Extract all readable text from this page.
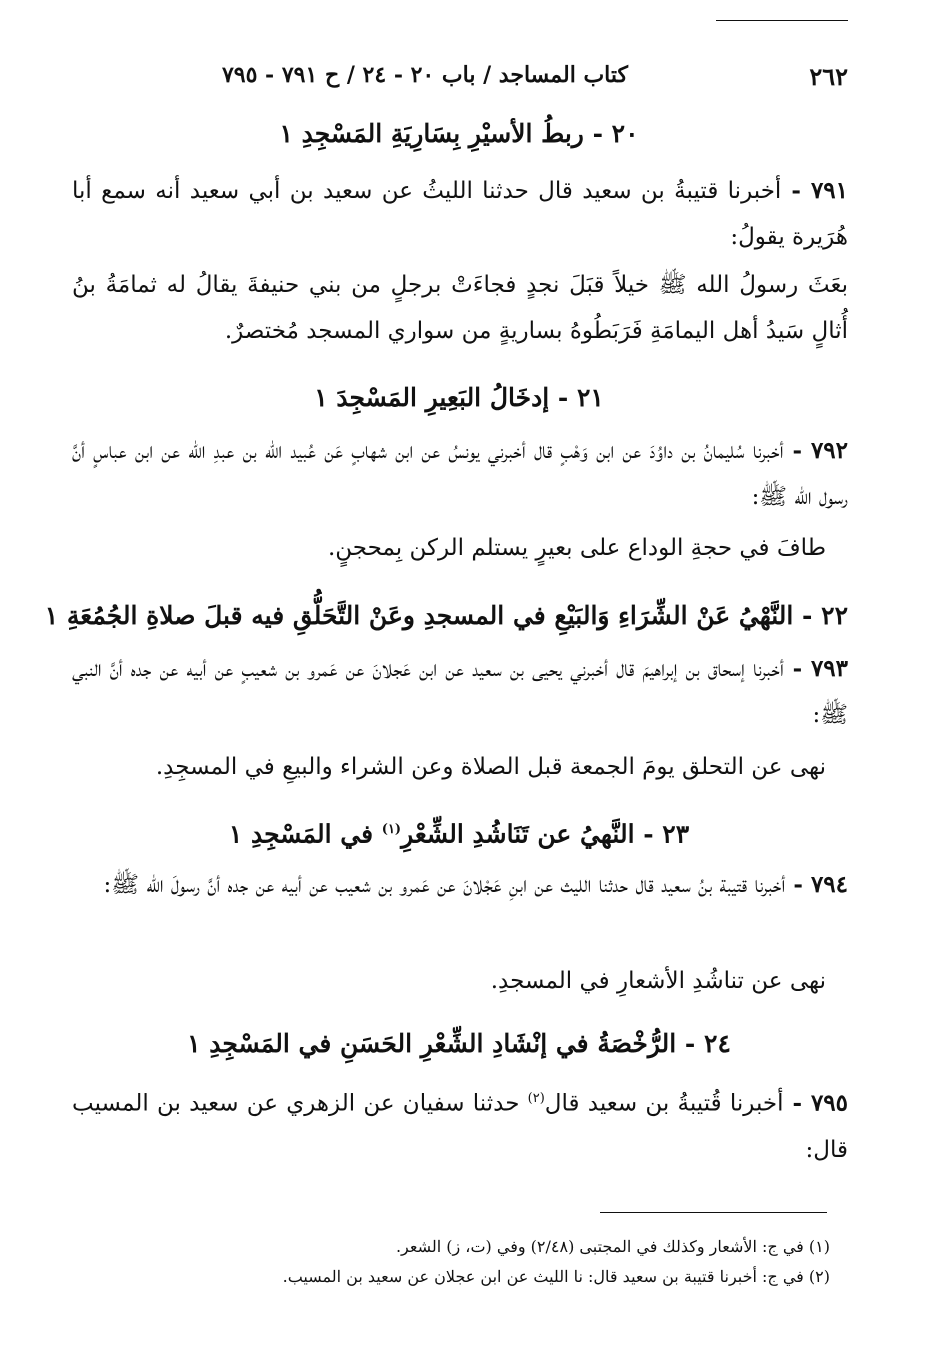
٢٦٢
كتاب المساجد / باب ٢٠ - ٢٤ / ح ٧٩١ - ٧٩٥
٢٠ - ربطُ الأسيْرِ بِسَارِيَةِ المَسْجِدِ ١
٧٩١ - أخبرنا قتيبةُ بن سعيد قال حدثنا الليثُ عن سعيد بن أبي سعيد أنه سمع أبا هُرَيرة يقولُ:
بعَثَ رسولُ الله ﷺ خيلاً قبَلَ نجدٍ فجاءَتْ برجلٍ من بني حنيفةَ يقالُ له ثمامَةُ بنُ أُثالٍ سَيدُ أهل اليمامَةِ فَرَبَطُوهُ بساريةٍ من سواري المسجد مُختصرٌ.
٢١ - إدخَالُ البَعِيرِ المَسْجِدَ ١
٧٩٢ - أخبرنا سُليمانُ بن داوُدَ عن ابن وَهْبٍ قال أخبرني يونسُ عن ابن شهابٍ عَن عُبيد الله بن عبدِ الله عن ابن عباسٍ أنَّ رسول الله ﷺ:
طافَ في حجةِ الوداع على بعيرٍ يستلم الركن بِمحجنٍ.
٢٢ - النَّهْيُ عَنْ الشِّرَاءِ وَالبَيْعِ في المسجدِ وعَنْ التَّحَلُّقِ فيه قبلَ صلاةِ الجُمُعَةِ ١
٧٩٣ - أخبرنا إسحاق بن إبراهيمَ قال أخبرني يحيى بن سعيد عن ابن عَجلانَ عن عَمرو بن شعيبٍ عن أبيه عن جده أنَّ النبي ﷺ:
نهى عن التحلق يومَ الجمعة قبل الصلاة وعن الشراء والبيعِ في المسجِدِ.
٢٣ - النَّهيُ عن تَنَاشُدِ الشِّعْرِ$^{(١)}$ في المَسْجِدِ ١
٧٩٤ - أخبرنا قتيبة بنُ سعيد قال حدثنا الليث عن ابنِ عَجْلانَ عن عَمرو بن شعيب عن أبيه عن جده أنَّ رسولَ الله ﷺ:
نهى عن تناشُدِ الأشعارِ في المسجدِ.
٢٤ - الرُّخْصَةُ في إنْشَادِ الشِّعْرِ الحَسَنِ في المَسْجِدِ ١
٧٩٥ - أخبرنا قُتيبةُ بن سعيد قال$^{(٢)}$ حدثنا سفيان عن الزهري عن سعيد بن المسيب قال:
(١) في ج: الأشعار وكذلك في المجتبى (٢/٤٨) وفي (ت، ز) الشعر.
(٢) في ج: أخبرنا قتيبة بن سعيد قال: نا الليث عن ابن عجلان عن سعيد بن المسيب.
